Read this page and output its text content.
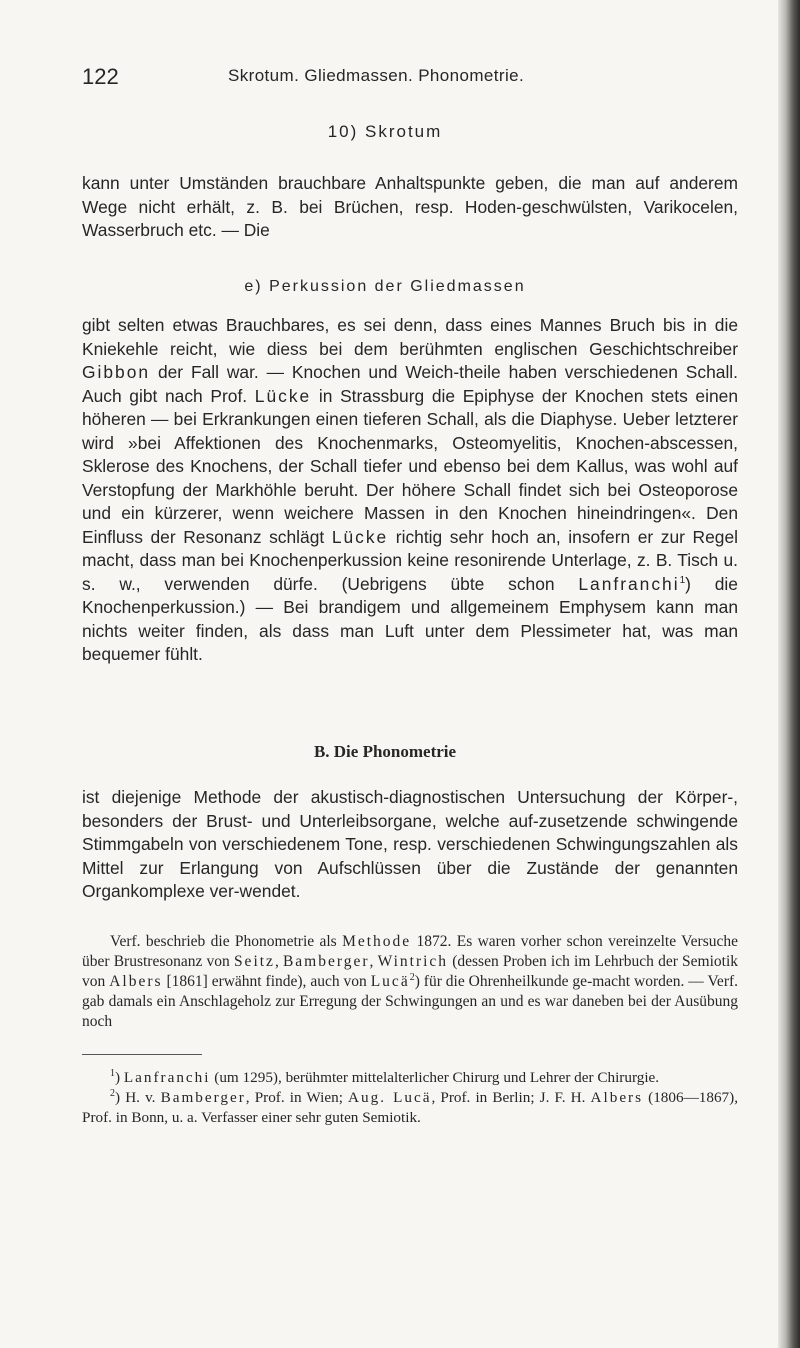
122	Skrotum. Gliedmassen. Phonometrie.
10) Skrotum

kann unter Umständen brauchbare Anhaltspunkte geben, die man auf anderem Wege nicht erhält, z. B. bei Brüchen, resp. Hoden-geschwülsten, Varikocelen, Wasserbruch etc. — Die

e) Perkussion der Gliedmassen

gibt selten etwas Brauchbares, es sei denn, dass eines Mannes Bruch bis in die Kniekehle reicht, wie diess bei dem berühmten englischen Geschichtschreiber Gibbon der Fall war. — Knochen und Weich-theile haben verschiedenen Schall. Auch gibt nach Prof. Lücke in Strassburg die Epiphyse der Knochen stets einen höheren — bei Erkrankungen einen tieferen Schall, als die Diaphyse. Ueber letzterer wird »bei Affektionen des Knochenmarks, Osteomyelitis, Knochen-abscessen, Sklerose des Knochens, der Schall tiefer und ebenso bei dem Kallus, was wohl auf Verstopfung der Markhöhle beruht. Der höhere Schall findet sich bei Osteoporose und ein kürzerer, wenn weichere Massen in den Knochen hineindringen«. Den Einfluss der Resonanz schlägt Lücke richtig sehr hoch an, insofern er zur Regel macht, dass man bei Knochenperkussion keine resonirende Unterlage, z. B. Tisch u. s. w., verwenden dürfe. (Uebrigens übte schon Lanfranchi$^1$) die Knochenperkussion.) — Bei brandigem und allgemeinem Emphysem kann man nichts weiter finden, als dass man Luft unter dem Plessimeter hat, was man bequemer fühlt.

B. Die Phonometrie

ist diejenige Methode der akustisch-diagnostischen Untersuchung der Körper-, besonders der Brust- und Unterleibsorgane, welche auf-zusetzende schwingende Stimmgabeln von verschiedenem Tone, resp. verschiedenen Schwingungszahlen als Mittel zur Erlangung von Aufschlüssen über die Zustände der genannten Organkomplexe ver-wendet.

Verf. beschrieb die Phonometrie als Methode 1872. Es waren vorher schon vereinzelte Versuche über Brustresonanz von Seitz, Bamberger, Wintrich (dessen Proben ich im Lehrbuch der Semiotik von Albers [1861] erwähnt finde), auch von Lucä$^2$) für die Ohrenheilkunde ge-macht worden. — Verf. gab damals ein Anschlageholz zur Erregung der Schwingungen an und es war daneben bei der Ausübung noch

$^1$) Lanfranchi (um 1295), berühmter mittelalterlicher Chirurg und Lehrer der Chirurgie.

$^2$) H. v. Bamberger, Prof. in Wien; Aug. Lucä, Prof. in Berlin; J. F. H. Albers (1806—1867), Prof. in Bonn, u. a. Verfasser einer sehr guten Semiotik.
